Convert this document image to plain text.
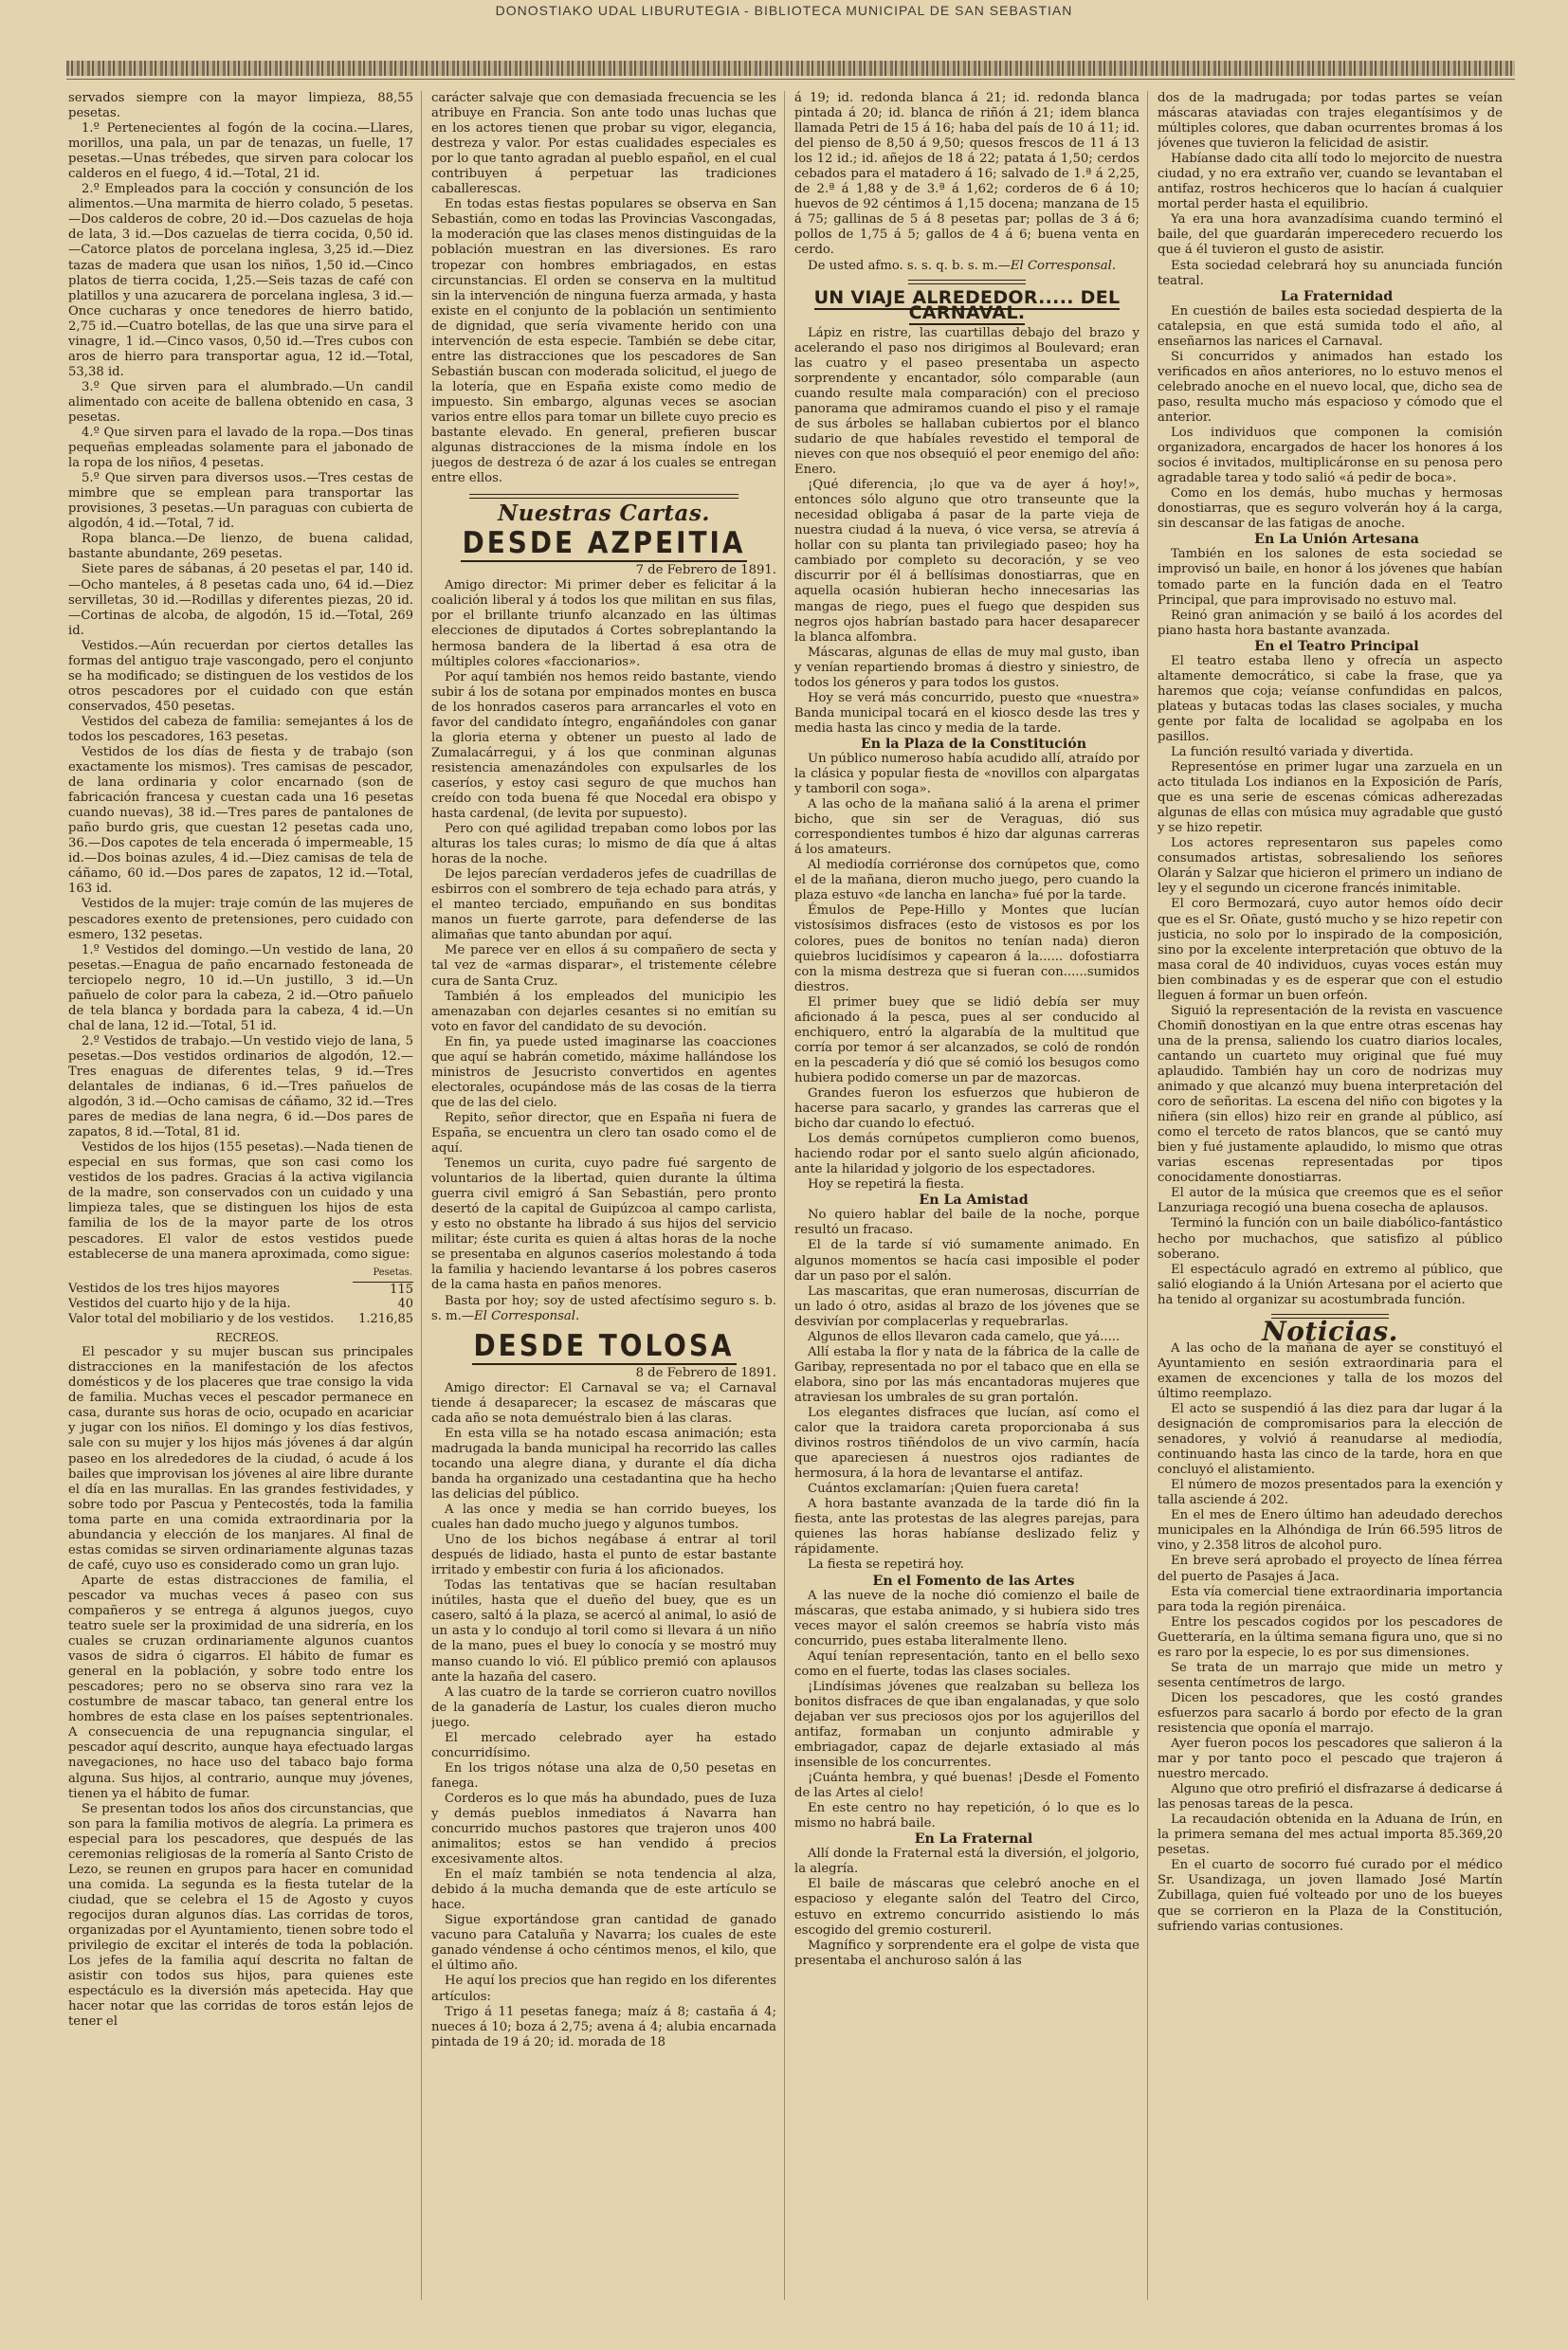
DONOSTIAKO UDAL LIBURUTEGIA - BIBLIOTECA MUNICIPAL DE SAN SEBASTIAN

servados siempre con la mayor limpieza, 88,55 pesetas.

1.º Pertenecientes al fogón de la cocina.—Llares, morillos, una pala, un par de tenazas, un fuelle, 17 pesetas.—Unas trébedes, que sirven para colocar los calderos en el fuego, 4 id.—Total, 21 id.

2.º Empleados para la cocción y consunción de los alimentos.—Una marmita de hierro colado, 5 pesetas.—Dos calderos de cobre, 20 id.—Dos cazuelas de hoja de lata, 3 id.—Dos cazuelas de tierra cocida, 0,50 id.—Catorce platos de porcelana inglesa, 3,25 id.—Diez tazas de madera que usan los niños, 1,50 id.—Cinco platos de tierra cocida, 1,25.—Seis tazas de café con platillos y una azucarera de porcelana inglesa, 3 id.—Once cucharas y once tenedores de hierro batido, 2,75 id.—Cuatro botellas, de las que una sirve para el vinagre, 1 id.—Cinco vasos, 0,50 id.—Tres cubos con aros de hierro para transportar agua, 12 id.—Total, 53,38 id.

3.º Que sirven para el alumbrado.—Un candil alimentado con aceite de ballena obtenido en casa, 3 pesetas.

4.º Que sirven para el lavado de la ropa.—Dos tinas pequeñas empleadas solamente para el jabonado de la ropa de los niños, 4 pesetas.

5.º Que sirven para diversos usos.—Tres cestas de mimbre que se emplean para transportar las provisiones, 3 pesetas.—Un paraguas con cubierta de algodón, 4 id.—Total, 7 id.

Ropa blanca.—De lienzo, de buena calidad, bastante abundante, 269 pesetas.

Siete pares de sábanas, á 20 pesetas el par, 140 id.—Ocho manteles, á 8 pesetas cada uno, 64 id.—Diez servilletas, 30 id.—Rodillas y diferentes piezas, 20 id.—Cortinas de alcoba, de algodón, 15 id.—Total, 269 id.

Vestidos.—Aún recuerdan por ciertos detalles las formas del antiguo traje vascongado, pero el conjunto se ha modificado; se distinguen de los vestidos de los otros pescadores por el cuidado con que están conservados, 450 pesetas.

Vestidos del cabeza de familia: semejantes á los de todos los pescadores, 163 pesetas.

Vestidos de los días de fiesta y de trabajo (son exactamente los mismos). Tres camisas de pescador, de lana ordinaria y color encarnado (son de fabricación francesa y cuestan cada una 16 pesetas cuando nuevas), 38 id.—Tres pares de pantalones de paño burdo gris, que cuestan 12 pesetas cada uno, 36.—Dos capotes de tela encerada ó impermeable, 15 id.—Dos boinas azules, 4 id.—Diez camisas de tela de cáñamo, 60 id.—Dos pares de zapatos, 12 id.—Total, 163 id.

Vestidos de la mujer: traje común de las mujeres de pescadores exento de pretensiones, pero cuidado con esmero, 132 pesetas.

1.º Vestidos del domingo.—Un vestido de lana, 20 pesetas.—Enagua de paño encarnado festoneada de terciopelo negro, 10 id.—Un justillo, 3 id.—Un pañuelo de color para la cabeza, 2 id.—Otro pañuelo de tela blanca y bordada para la cabeza, 4 id.—Un chal de lana, 12 id.—Total, 51 id.

2.º Vestidos de trabajo.—Un vestido viejo de lana, 5 pesetas.—Dos vestidos ordinarios de algodón, 12.—Tres enaguas de diferentes telas, 9 id.—Tres delantales de indianas, 6 id.—Tres pañuelos de algodón, 3 id.—Ocho camisas de cáñamo, 32 id.—Tres pares de medias de lana negra, 6 id.—Dos pares de zapatos, 8 id.—Total, 81 id.

Vestidos de los hijos (155 pesetas).—Nada tienen de especial en sus formas, que son casi como los vestidos de los padres. Gracias á la activa vigilancia de la madre, son conservados con un cuidado y una limpieza tales, que se distinguen los hijos de esta familia de los de la mayor parte de los otros pescadores. El valor de estos vestidos puede establecerse de una manera aproximada, como sigue:

	Pesetas.
Vestidos de los tres hijos mayores	115
Vestidos del cuarto hijo y de la hija.	40
Valor total del mobiliario y de los vestidos.	1.216,85

RECREOS.

El pescador y su mujer buscan sus principales distracciones en la manifestación de los afectos domésticos y de los placeres que trae consigo la vida de familia. Muchas veces el pescador permanece en casa, durante sus horas de ocio, ocupado en acariciar y jugar con los niños. El domingo y los días festivos, sale con su mujer y los hijos más jóvenes á dar algún paseo en los alrededores de la ciudad, ó acude á los bailes que improvisan los jóvenes al aire libre durante el día en las murallas. En las grandes festividades, y sobre todo por Pascua y Pentecostés, toda la familia toma parte en una comida extraordinaria por la abundancia y elección de los manjares. Al final de estas comidas se sirven ordinariamente algunas tazas de café, cuyo uso es considerado como un gran lujo.

Aparte de estas distracciones de familia, el pescador va muchas veces á paseo con sus compañeros y se entrega á algunos juegos, cuyo teatro suele ser la proximidad de una sidrería, en los cuales se cruzan ordinariamente algunos cuantos vasos de sidra ó cigarros. El hábito de fumar es general en la población, y sobre todo entre los pescadores; pero no se observa sino rara vez la costumbre de mascar tabaco, tan general entre los hombres de esta clase en los países septentrionales. A consecuencia de una repugnancia singular, el pescador aquí descrito, aunque haya efectuado largas navegaciones, no hace uso del tabaco bajo forma alguna. Sus hijos, al contrario, aunque muy jóvenes, tienen ya el hábito de fumar.

Se presentan todos los años dos circunstancias, que son para la familia motivos de alegría. La primera es especial para los pescadores, que después de las ceremonias religiosas de la romería al Santo Cristo de Lezo, se reunen en grupos para hacer en comunidad una comida. La segunda es la fiesta tutelar de la ciudad, que se celebra el 15 de Agosto y cuyos regocijos duran algunos días. Las corridas de toros, organizadas por el Ayuntamiento, tienen sobre todo el privilegio de excitar el interés de toda la población. Los jefes de la familia aquí descrita no faltan de asistir con todos sus hijos, para quienes este espectáculo es la diversión más apetecida. Hay que hacer notar que las corridas de toros están lejos de tener el

carácter salvaje que con demasiada frecuencia se les atribuye en Francia. Son ante todo unas luchas que en los actores tienen que probar su vigor, elegancia, destreza y valor. Por estas cualidades especiales es por lo que tanto agradan al pueblo español, en el cual contribuyen á perpetuar las tradiciones caballerescas.

En todas estas fiestas populares se observa en San Sebastián, como en todas las Provincias Vascongadas, la moderación que las clases menos distinguidas de la población muestran en las diversiones. Es raro tropezar con hombres embriagados, en estas circunstancias. El orden se conserva en la multitud sin la intervención de ninguna fuerza armada, y hasta existe en el conjunto de la población un sentimiento de dignidad, que sería vivamente herido con una intervención de esta especie. También se debe citar, entre las distracciones que los pescadores de San Sebastián buscan con moderada solicitud, el juego de la lotería, que en España existe como medio de impuesto. Sin embargo, algunas veces se asocian varios entre ellos para tomar un billete cuyo precio es bastante elevado. En general, prefieren buscar algunas distracciones de la misma índole en los juegos de destreza ó de azar á los cuales se entregan entre ellos.

Nuestras Cartas.
DESDE AZPEITIA

7 de Febrero de 1891.

Amigo director: Mi primer deber es felicitar á la coalición liberal y á todos los que militan en sus filas, por el brillante triunfo alcanzado en las últimas elecciones de diputados á Cortes sobreplantando la hermosa bandera de la libertad á esa otra de múltiples colores «faccionarios».

Por aquí también nos hemos reido bastante, viendo subir á los de sotana por empinados montes en busca de los honrados caseros para arrancarles el voto en favor del candidato íntegro, engañándoles con ganar la gloria eterna y obtener un puesto al lado de Zumalacárregui, y á los que conminan algunas resistencia amenazándoles con expulsarles de los caseríos, y estoy casi seguro de que muchos han creído con toda buena fé que Nocedal era obispo y hasta cardenal, (de levita por supuesto).

Pero con qué agilidad trepaban como lobos por las alturas los tales curas; lo mismo de día que á altas horas de la noche.

De lejos parecían verdaderos jefes de cuadrillas de esbirros con el sombrero de teja echado para atrás, y el manteo terciado, empuñando en sus bonditas manos un fuerte garrote, para defenderse de las alimañas que tanto abundan por aquí.

Me parece ver en ellos á su compañero de secta y tal vez de «armas disparar», el tristemente célebre cura de Santa Cruz.

También á los empleados del municipio les amenazaban con dejarles cesantes si no emitían su voto en favor del candidato de su devoción.

En fin, ya puede usted imaginarse las coacciones que aquí se habrán cometido, máxime hallándose los ministros de Jesucristo convertidos en agentes electorales, ocupándose más de las cosas de la tierra que de las del cielo.

Repito, señor director, que en España ni fuera de España, se encuentra un clero tan osado como el de aquí.

Tenemos un curita, cuyo padre fué sargento de voluntarios de la libertad, quien durante la última guerra civil emigró á San Sebastián, pero pronto desertó de la capital de Guipúzcoa al campo carlista, y esto no obstante ha librado á sus hijos del servicio militar; éste curita es quien á altas horas de la noche se presentaba en algunos caseríos molestando á toda la familia y haciendo levantarse á los pobres caseros de la cama hasta en paños menores.

Basta por hoy; soy de usted afectísimo seguro s. b. s. m.—El Corresponsal.

DESDE TOLOSA

8 de Febrero de 1891.

Amigo director: El Carnaval se va; el Carnaval tiende á desaparecer; la escasez de máscaras que cada año se nota demuéstralo bien á las claras.

En esta villa se ha notado escasa animación; esta madrugada la banda municipal ha recorrido las calles tocando una alegre diana, y durante el día dicha banda ha organizado una cestadantina que ha hecho las delicias del público.

A las once y media se han corrido bueyes, los cuales han dado mucho juego y algunos tumbos.

Uno de los bichos negábase á entrar al toril después de lidiado, hasta el punto de estar bastante irritado y embestir con furia á los aficionados.

Todas las tentativas que se hacían resultaban inútiles, hasta que el dueño del buey, que es un casero, saltó á la plaza, se acercó al animal, lo asió de un asta y lo condujo al toril como si llevara á un niño de la mano, pues el buey lo conocía y se mostró muy manso cuando lo vió. El público premió con aplausos ante la hazaña del casero.

A las cuatro de la tarde se corrieron cuatro novillos de la ganadería de Lastur, los cuales dieron mucho juego.

El mercado celebrado ayer ha estado concurridísimo.

En los trigos nótase una alza de 0,50 pesetas en fanega.

Corderos es lo que más ha abundado, pues de Iuza y demás pueblos inmediatos á Navarra han concurrido muchos pastores que trajeron unos 400 animalitos; estos se han vendido á precios excesivamente altos.

En el maíz también se nota tendencia al alza, debido á la mucha demanda que de este artículo se hace.

Sigue exportándose gran cantidad de ganado vacuno para Cataluña y Navarra; los cuales de este ganado véndense á ocho céntimos menos, el kilo, que el último año.

He aquí los precios que han regido en los diferentes artículos:

Trigo á 11 pesetas fanega; maíz á 8; castaña á 4; nueces á 10; boza á 2,75; avena á 4; alubia encarnada pintada de 19 á 20; id. morada de 18

á 19; id. redonda blanca á 21; id. redonda blanca pintada á 20; id. blanca de riñón á 21; idem blanca llamada Petri de 15 á 16; haba del país de 10 á 11; id. del pienso de 8,50 á 9,50; quesos frescos de 11 á 13 los 12 id.; id. añejos de 18 á 22; patata á 1,50; cerdos cebados para el matadero á 16; salvado de 1.ª á 2,25, de 2.ª á 1,88 y de 3.ª á 1,62; corderos de 6 á 10; huevos de 92 céntimos á 1,15 docena; manzana de 15 á 75; gallinas de 5 á 8 pesetas par; pollas de 3 á 6; pollos de 1,75 á 5; gallos de 4 á 6; buena venta en cerdo.

De usted afmo. s. s. q. b. s. m.—El Corresponsal.

UN VIAJE ALREDEDOR..... DEL CARNAVAL.

Lápiz en ristre, las cuartillas debajo del brazo y acelerando el paso nos dirigimos al Boulevard; eran las cuatro y el paseo presentaba un aspecto sorprendente y encantador, sólo comparable (aun cuando resulte mala comparación) con el precioso panorama que admiramos cuando el piso y el ramaje de sus árboles se hallaban cubiertos por el blanco sudario de que habíales revestido el temporal de nieves con que nos obsequió el peor enemigo del año: Enero.

¡Qué diferencia, ¡lo que va de ayer á hoy!», entonces sólo alguno que otro transeunte que la necesidad obligaba á pasar de la parte vieja de nuestra ciudad á la nueva, ó vice versa, se atrevía á hollar con su planta tan privilegiado paseo; hoy ha cambiado por completo su decoración, y se veo discurrir por él á bellísimas donostiarras, que en aquella ocasión hubieran hecho innecesarias las mangas de riego, pues el fuego que despiden sus negros ojos habrían bastado para hacer desaparecer la blanca alfombra.

Máscaras, algunas de ellas de muy mal gusto, iban y venían repartiendo bromas á diestro y siniestro, de todos los géneros y para todos los gustos.

Hoy se verá más concurrido, puesto que «nuestra» Banda municipal tocará en el kiosco desde las tres y media hasta las cinco y media de la tarde.

En la Plaza de la Constitución

Un público numeroso había acudido allí, atraído por la clásica y popular fiesta de «novillos con alpargatas y tamboril con soga».

A las ocho de la mañana salió á la arena el primer bicho, que sin ser de Veraguas, dió sus correspondientes tumbos é hizo dar algunas carreras á los amateurs.

Al mediodía corriéronse dos cornúpetos que, como el de la mañana, dieron mucho juego, pero cuando la plaza estuvo «de lancha en lancha» fué por la tarde.

Émulos de Pepe-Hillo y Montes que lucían vistosísimos disfraces (esto de vistosos es por los colores, pues de bonitos no tenían nada) dieron quiebros lucidísimos y capearon á la...... dofostiarra con la misma destreza que si fueran con......sumidos diestros.

El primer buey que se lidió debía ser muy aficionado á la pesca, pues al ser conducido al enchiquero, entró la algarabía de la multitud que corría por temor á ser alcanzados, se coló de rondón en la pescadería y dió que sé comió los besugos como hubiera podido comerse un par de mazorcas.

Grandes fueron los esfuerzos que hubieron de hacerse para sacarlo, y grandes las carreras que el bicho dar cuando lo efectuó.

Los demás cornúpetos cumplieron como buenos, haciendo rodar por el santo suelo algún aficionado, ante la hilaridad y jolgorio de los espectadores.

Hoy se repetirá la fiesta.

En La Amistad

No quiero hablar del baile de la noche, porque resultó un fracaso.

El de la tarde sí vió sumamente animado. En algunos momentos se hacía casi imposible el poder dar un paso por el salón.

Las mascaritas, que eran numerosas, discurrían de un lado ó otro, asidas al brazo de los jóvenes que se desvivían por complacerlas y requebrarlas.

Algunos de ellos llevaron cada camelo, que yá.....

Allí estaba la flor y nata de la fábrica de la calle de Garibay, representada no por el tabaco que en ella se elabora, sino por las más encantadoras mujeres que atraviesan los umbrales de su gran portalón.

Los elegantes disfraces que lucían, así como el calor que la traidora careta proporcionaba á sus divinos rostros tiñéndolos de un vivo carmín, hacía que apareciesen á nuestros ojos radiantes de hermosura, á la hora de levantarse el antifaz.

Cuántos exclamarían: ¡Quien fuera careta!

A hora bastante avanzada de la tarde dió fin la fiesta, ante las protestas de las alegres parejas, para quienes las horas habíanse deslizado feliz y rápidamente.

La fiesta se repetirá hoy.

En el Fomento de las Artes

A las nueve de la noche dió comienzo el baile de máscaras, que estaba animado, y si hubiera sido tres veces mayor el salón creemos se habría visto más concurrido, pues estaba literalmente lleno.

Aquí tenían representación, tanto en el bello sexo como en el fuerte, todas las clases sociales.

¡Lindísimas jóvenes que realzaban su belleza los bonitos disfraces de que iban engalanadas, y que solo dejaban ver sus preciosos ojos por los agujerillos del antifaz, formaban un conjunto admirable y embriagador, capaz de dejarle extasiado al más insensible de los concurrentes.

¡Cuánta hembra, y qué buenas! ¡Desde el Fomento de las Artes al cielo!

En este centro no hay repetición, ó lo que es lo mismo no habrá baile.

En La Fraternal

Allí donde la Fraternal está la diversión, el jolgorio, la alegría.

El baile de máscaras que celebró anoche en el espacioso y elegante salón del Teatro del Circo, estuvo en extremo concurrido asistiendo lo más escogido del gremio costureril.

Magnífico y sorprendente era el golpe de vista que presentaba el anchuroso salón á las

dos de la madrugada; por todas partes se veían máscaras ataviadas con trajes elegantísimos y de múltiples colores, que daban ocurrentes bromas á los jóvenes que tuvieron la felicidad de asistir.

Habíanse dado cita allí todo lo mejorcito de nuestra ciudad, y no era extraño ver, cuando se levantaban el antifaz, rostros hechiceros que lo hacían á cualquier mortal perder hasta el equilibrio.

Ya era una hora avanzadísima cuando terminó el baile, del que guardarán imperecedero recuerdo los que á él tuvieron el gusto de asistir.

Esta sociedad celebrará hoy su anunciada función teatral.

La Fraternidad

En cuestión de bailes esta sociedad despierta de la catalepsia, en que está sumida todo el año, al enseñarnos las narices el Carnaval.

Si concurridos y animados han estado los verificados en años anteriores, no lo estuvo menos el celebrado anoche en el nuevo local, que, dicho sea de paso, resulta mucho más espacioso y cómodo que el anterior.

Los individuos que componen la comisión organizadora, encargados de hacer los honores á los socios é invitados, multiplicáronse en su penosa pero agradable tarea y todo salió «á pedir de boca».

Como en los demás, hubo muchas y hermosas donostiarras, que es seguro volverán hoy á la carga, sin descansar de las fatigas de anoche.

En La Unión Artesana

También en los salones de esta sociedad se improvisó un baile, en honor á los jóvenes que habían tomado parte en la función dada en el Teatro Principal, que para improvisado no estuvo mal.

Reinó gran animación y se bailó á los acordes del piano hasta hora bastante avanzada.

En el Teatro Principal

El teatro estaba lleno y ofrecía un aspecto altamente democrático, si cabe la frase, que ya haremos que coja; veíanse confundidas en palcos, plateas y butacas todas las clases sociales, y mucha gente por falta de localidad se agolpaba en los pasillos.

La función resultó variada y divertida.

Representóse en primer lugar una zarzuela en un acto titulada Los indianos en la Exposición de París, que es una serie de escenas cómicas adherezadas algunas de ellas con música muy agradable que gustó y se hizo repetir.

Los actores representaron sus papeles como consumados artistas, sobresaliendo los señores Olarán y Salzar que hicieron el primero un indiano de ley y el segundo un cicerone francés inimitable.

El coro Bermozará, cuyo autor hemos oído decir que es el Sr. Oñate, gustó mucho y se hizo repetir con justicia, no solo por lo inspirado de la composición, sino por la excelente interpretación que obtuvo de la masa coral de 40 individuos, cuyas voces están muy bien combinadas y es de esperar que con el estudio lleguen á formar un buen orfeón.

Siguió la representación de la revista en vascuence Chomiñ donostiyan en la que entre otras escenas hay una de la prensa, saliendo los cuatro diarios locales, cantando un cuarteto muy original que fué muy aplaudido. También hay un coro de nodrizas muy animado y que alcanzó muy buena interpretación del coro de señoritas. La escena del niño con bigotes y la niñera (sin ellos) hizo reir en grande al público, así como el terceto de ratos blancos, que se cantó muy bien y fué justamente aplaudido, lo mismo que otras varias escenas representadas por tipos conocidamente donostiarras.

El autor de la música que creemos que es el señor Lanzuriaga recogió una buena cosecha de aplausos.

Terminó la función con un baile diabólico-fantástico hecho por muchachos, que satisfizo al público soberano.

El espectáculo agradó en extremo al público, que salió elogiando á la Unión Artesana por el acierto que ha tenido al organizar su acostumbrada función.

Noticias.

A las ocho de la mañana de ayer se constituyó el Ayuntamiento en sesión extraordinaria para el examen de excenciones y talla de los mozos del último reemplazo.

El acto se suspendió á las diez para dar lugar á la designación de compromisarios para la elección de senadores, y volvió á reanudarse al mediodía, continuando hasta las cinco de la tarde, hora en que concluyó el alistamiento.

El número de mozos presentados para la exención y talla asciende á 202.

En el mes de Enero último han adeudado derechos municipales en la Alhóndiga de Irún 66.595 litros de vino, y 2.358 litros de alcohol puro.

En breve será aprobado el proyecto de línea férrea del puerto de Pasajes á Jaca.

Esta vía comercial tiene extraordinaria importancia para toda la región pirenáica.

Entre los pescados cogidos por los pescadores de Guetteraría, en la última semana figura uno, que si no es raro por la especie, lo es por sus dimensiones.

Se trata de un marrajo que mide un metro y sesenta centímetros de largo.

Dicen los pescadores, que les costó grandes esfuerzos para sacarlo á bordo por efecto de la gran resistencia que oponía el marrajo.

Ayer fueron pocos los pescadores que salieron á la mar y por tanto poco el pescado que trajeron á nuestro mercado.

Alguno que otro prefirió el disfrazarse á dedicarse á las penosas tareas de la pesca.

La recaudación obtenida en la Aduana de Irún, en la primera semana del mes actual importa 85.369,20 pesetas.

En el cuarto de socorro fué curado por el médico Sr. Usandizaga, un joven llamado José Martín Zubillaga, quien fué volteado por uno de los bueyes que se corrieron en la Plaza de la Constitución, sufriendo varias contusiones.
